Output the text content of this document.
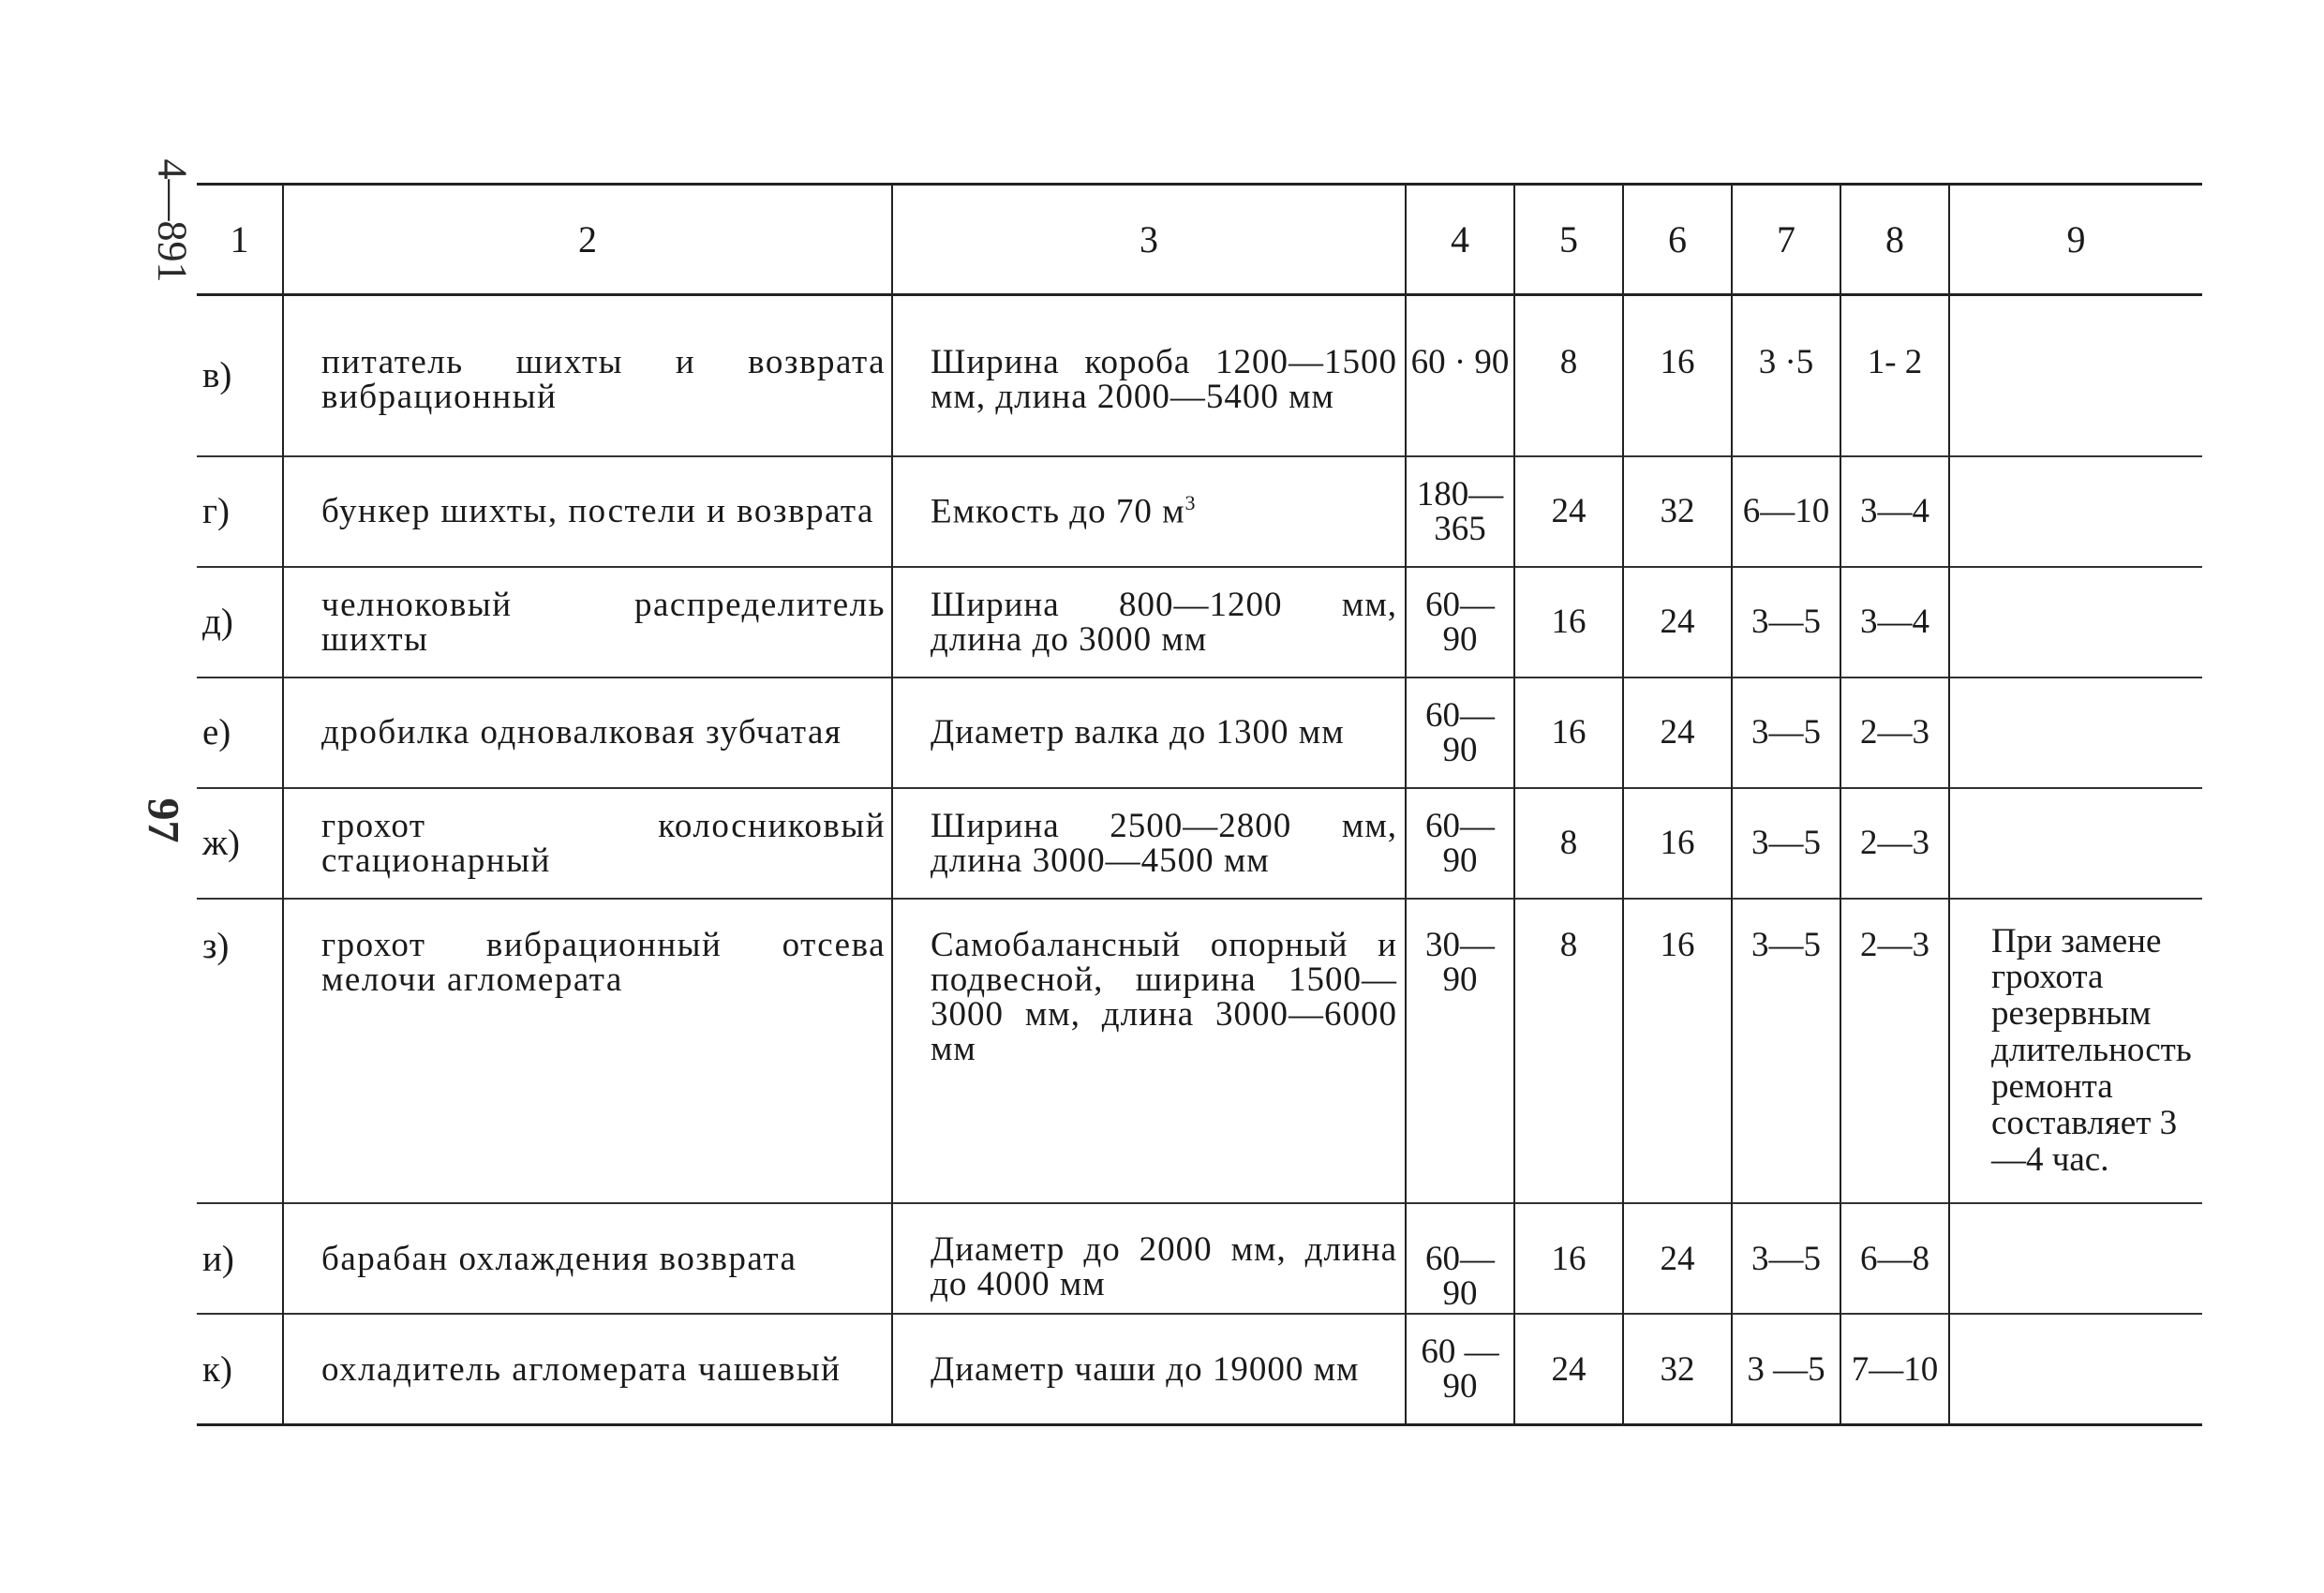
4—891
97
1	2	3	4	5	6	7	8	9
в)	питатель шихты и возврата вибрационный	Ширина короба 1200—1500 мм, длина 2000—5400 мм	60 · 90	8	16	3 ·5	1- 2	
г)	бункер шихты, постели и возврата	Емкость до 70 $м^3$	180—365	24	32	6—10	3—4	
д)	челноковый распределитель шихты	Ширина 800—1200 мм, длина до 3000 мм	60—90	16	24	3—5	3—4	
е)	дробилка одновалковая зубчатая	Диаметр валка до 1300 мм	60—90	16	24	3—5	2—3	
ж)	грохот колосниковый стационарный	Ширина 2500—2800 мм, длина 3000—4500 мм	60—90	8	16	3—5	2—3	
з)	грохот вибрационный отсева мелочи агломерата	Самобалансный опорный и подвесной, ширина 1500—3000 мм, длина 3000—6000 мм	30—90	8	16	3—5	2—3	При замене грохота резервным длительность ремонта составляет 3—4 час.
и)	барабан охлаждения возврата	Диаметр до 2000 мм, длина до 4000 мм	60—90	16	24	3—5	6—8	
к)	охладитель агломерата чашевый	Диаметр чаши до 19000 мм	60 —90	24	32	3 —5	7—10	
